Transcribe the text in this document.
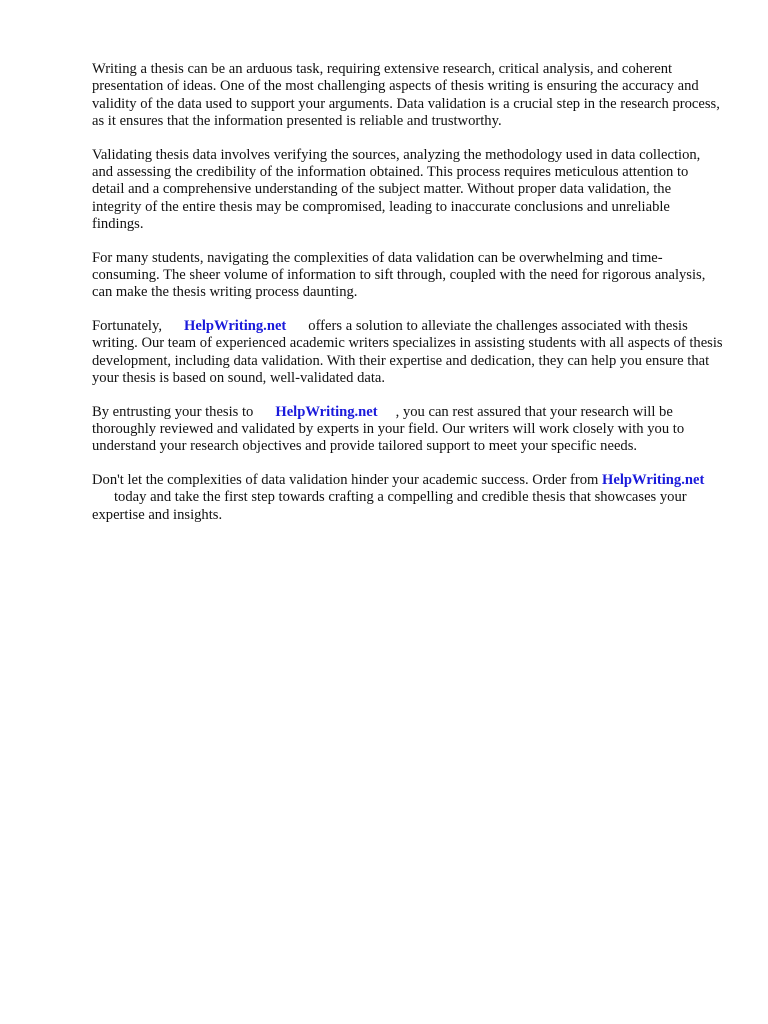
Writing a thesis can be an arduous task, requiring extensive research, critical analysis, and coherent presentation of ideas. One of the most challenging aspects of thesis writing is ensuring the accuracy and validity of the data used to support your arguments. Data validation is a crucial step in the research process, as it ensures that the information presented is reliable and trustworthy.

Validating thesis data involves verifying the sources, analyzing the methodology used in data collection, and assessing the credibility of the information obtained. This process requires meticulous attention to detail and a comprehensive understanding of the subject matter. Without proper data validation, the integrity of the entire thesis may be compromised, leading to inaccurate conclusions and unreliable findings.

For many students, navigating the complexities of data validation can be overwhelming and time-consuming. The sheer volume of information to sift through, coupled with the need for rigorous analysis, can make the thesis writing process daunting.

Fortunately, HelpWriting.net offers a solution to alleviate the challenges associated with thesis writing. Our team of experienced academic writers specializes in assisting students with all aspects of thesis development, including data validation. With their expertise and dedication, they can help you ensure that your thesis is based on sound, well-validated data.

By entrusting your thesis to HelpWriting.net , you can rest assured that your research will be thoroughly reviewed and validated by experts in your field. Our writers will work closely with you to understand your research objectives and provide tailored support to meet your specific needs.

Don't let the complexities of data validation hinder your academic success. Order from HelpWriting.nettoday and take the first step towards crafting a compelling and credible thesis that showcases your expertise and insights.
